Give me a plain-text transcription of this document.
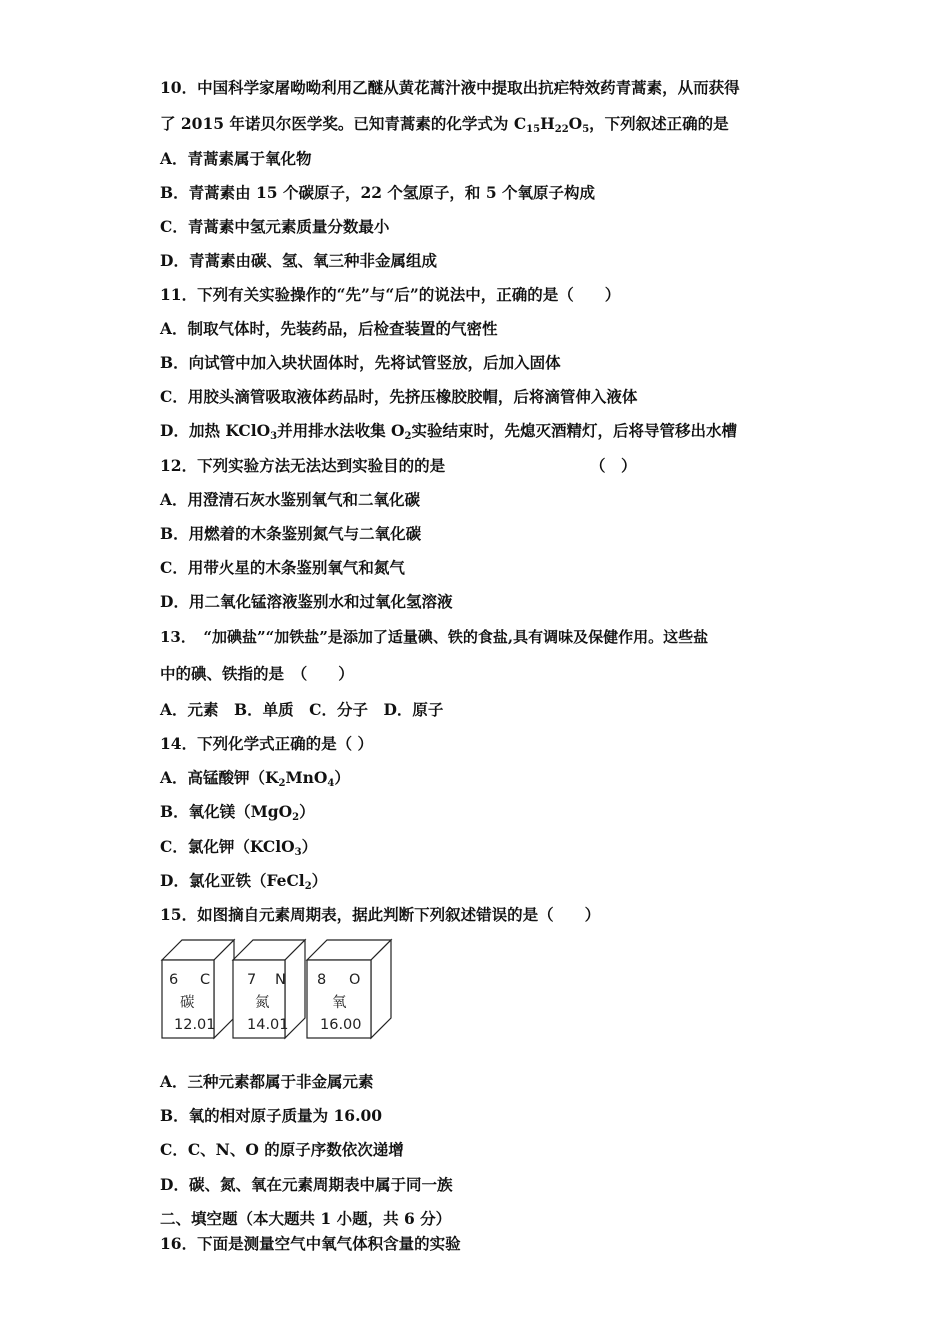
10．中国科学家屠呦呦利用乙醚从黄花蒿汁液中提取出抗疟特效药青蒿素，从而获得
了 2015 年诺贝尔医学奖。已知青蒿素的化学式为 $C_{15}H_{22}O_5$，下列叙述正确的是
A．青蒿素属于氧化物
B．青蒿素由 15 个碳原子，22 个氢原子，和 5 个氧原子构成
C．青蒿素中氢元素质量分数最小
D．青蒿素由碳、氢、氧三种非金属组成
11．下列有关实验操作的“先”与“后”的说法中，正确的是（　　）
A．制取气体时，先装药品，后检查装置的气密性
B．向试管中加入块状固体时，先将试管竖放，后加入固体
C．用胶头滴管吸取液体药品时，先挤压橡胶胶帽，后将滴管伸入液体
D．加热 KClO$_3$并用排水法收集 $O_2$实验结束时，先熄灭酒精灯，后将导管移出水槽
12．下列实验方法无法达到实验目的的是	（　）
A．用澄清石灰水鉴别氧气和二氧化碳
B．用燃着的木条鉴别氮气与二氧化碳
C．用带火星的木条鉴别氧气和氮气
D．用二氧化锰溶液鉴别水和过氧化氢溶液
13．　“加碘盐”“加铁盐”是添加了适量碘、铁的食盐,具有调味及保健作用。这些盐
中的碘、铁指的是　（　　）
A．元素　B．单质　C．分子　D．原子
14．下列化学式正确的是（ ）
A．高锰酸钾$(K_2MnO_4)$
B．氧化镁（MgO$_2$）
C．氯化钾（KClO$_3$）
D．氯化亚铁（FeCl$_2$）
15．如图摘自元素周期表，据此判断下列叙述错误的是（　　）
6 C
碳
12.01
7 N
氮
14.01
8 O
氧
16.00
A．三种元素都属于非金属元素
B．氧的相对原子质量为 16.00
C．C、N、O 的原子序数依次递增
D．碳、氮、氧在元素周期表中属于同一族
二、填空题（本大题共 1 小题，共 6 分）
16．下面是测量空气中氧气体积含量的实验
